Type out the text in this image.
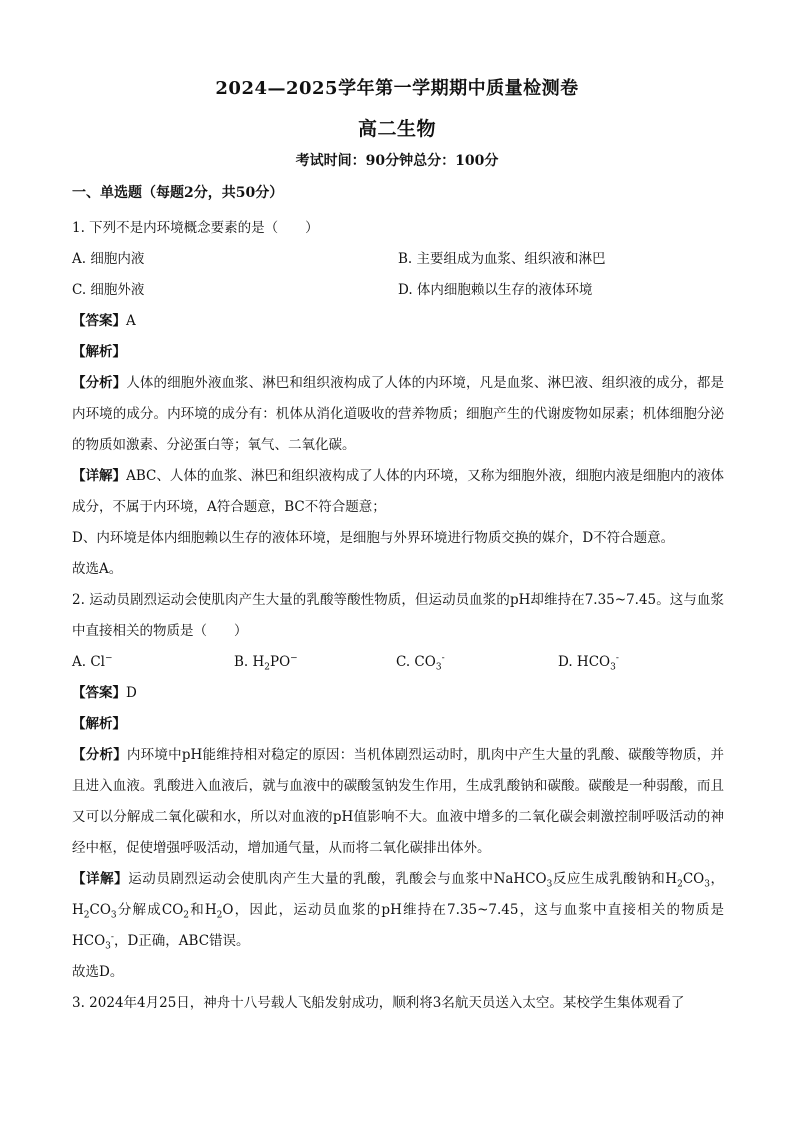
2024—2025学年第一学期期中质量检测卷
高二生物
考试时间：90分钟总分：100分
一、单选题（每题2分，共50分）

1. 下列不是内环境概念要素的是（　　）

A. 细胞内液	B. 主要组成为血浆、组织液和淋巴
C. 细胞外液	D. 体内细胞赖以生存的液体环境

【答案】A

【解析】

【分析】人体的细胞外液血浆、淋巴和组织液构成了人体的内环境，凡是血浆、淋巴液、组织液的成分，都是内环境的成分。内环境的成分有：机体从消化道吸收的营养物质；细胞产生的代谢废物如尿素；机体细胞分泌的物质如激素、分泌蛋白等；氧气、二氧化碳。

【详解】ABC、人体的血浆、淋巴和组织液构成了人体的内环境，又称为细胞外液，细胞内液是细胞内的液体成分，不属于内环境，A符合题意，BC不符合题意；

D、内环境是体内细胞赖以生存的液体环境，是细胞与外界环境进行物质交换的媒介，D不符合题意。

故选A。

2. 运动员剧烈运动会使肌肉产生大量的乳酸等酸性物质，但运动员血浆的pH却维持在7.35~7.45。这与血浆中直接相关的物质是（　　）

A. Cl−	B. $H_2PO^-$	C. $CO_3^-$	D. $HCO_3^-$

【答案】D

【解析】

【分析】内环境中pH能维持相对稳定的原因：当机体剧烈运动时，肌肉中产生大量的乳酸、碳酸等物质，并且进入血液。乳酸进入血液后，就与血液中的碳酸氢钠发生作用，生成乳酸钠和碳酸。碳酸是一种弱酸，而且又可以分解成二氧化碳和水，所以对血液的pH值影响不大。血液中增多的二氧化碳会刺激控制呼吸活动的神经中枢，促使增强呼吸活动，增加通气量，从而将二氧化碳排出体外。

【详解】运动员剧烈运动会使肌肉产生大量的乳酸，乳酸会与血浆中NaHCO$_3$反应生成乳酸钠和$H_2CO_3$，$H_2CO_3$分解成$CO_2$和$H_2O$，因此，运动员血浆的pH维持在7.35~7.45，这与血浆中直接相关的物质是$HCO_3^-$，D正确，ABC错误。

故选D。

3. 2024年4月25日，神舟十八号载人飞船发射成功，顺利将3名航天员送入太空。某校学生集体观看了
